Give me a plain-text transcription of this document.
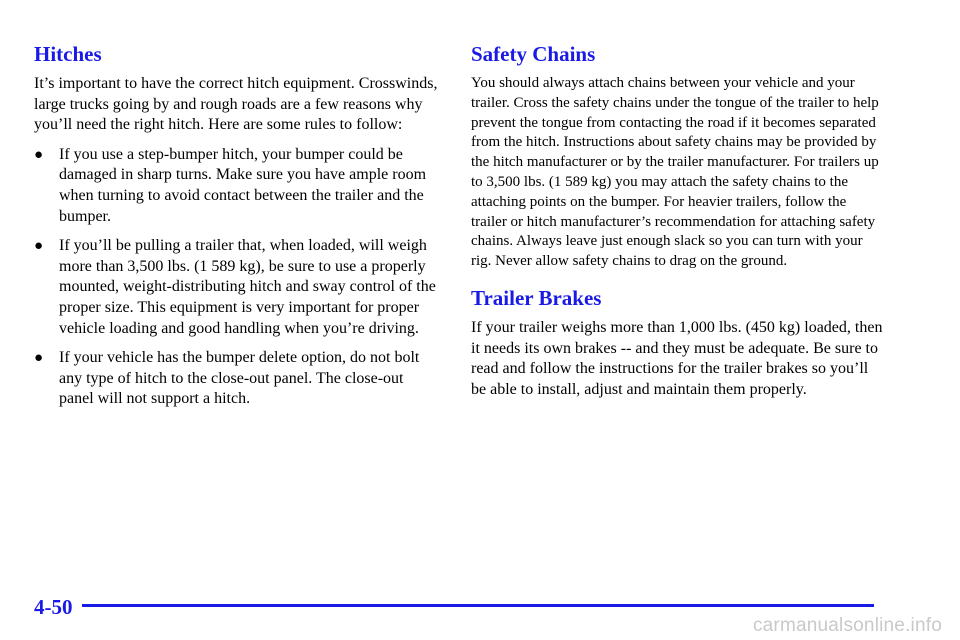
Hitches

It’s important to have the correct hitch equipment. Crosswinds, large trucks going by and rough roads are a few reasons why you’ll need the right hitch. Here are some rules to follow:

● If you use a step-bumper hitch, your bumper could be damaged in sharp turns. Make sure you have ample room when turning to avoid contact between the trailer and the bumper.
● If you’ll be pulling a trailer that, when loaded, will weigh more than 3,500 lbs. (1 589 kg), be sure to use a properly mounted, weight-distributing hitch and sway control of the proper size. This equipment is very important for proper vehicle loading and good handling when you’re driving.
● If your vehicle has the bumper delete option, do not bolt any type of hitch to the close-out panel. The close-out panel will not support a hitch.
Safety Chains

You should always attach chains between your vehicle and your trailer. Cross the safety chains under the tongue of the trailer to help prevent the tongue from contacting the road if it becomes separated from the hitch. Instructions about safety chains may be provided by the hitch manufacturer or by the trailer manufacturer. For trailers up to 3,500 lbs. (1 589 kg) you may attach the safety chains to the attaching points on the bumper. For heavier trailers, follow the trailer or hitch manufacturer’s recommendation for attaching safety chains. Always leave just enough slack so you can turn with your rig. Never allow safety chains to drag on the ground.

Trailer Brakes

If your trailer weighs more than 1,000 lbs. (450 kg) loaded, then it needs its own brakes -- and they must be adequate. Be sure to read and follow the instructions for the trailer brakes so you’ll be able to install, adjust and maintain them properly.

4-50
carmanualsonline.info
